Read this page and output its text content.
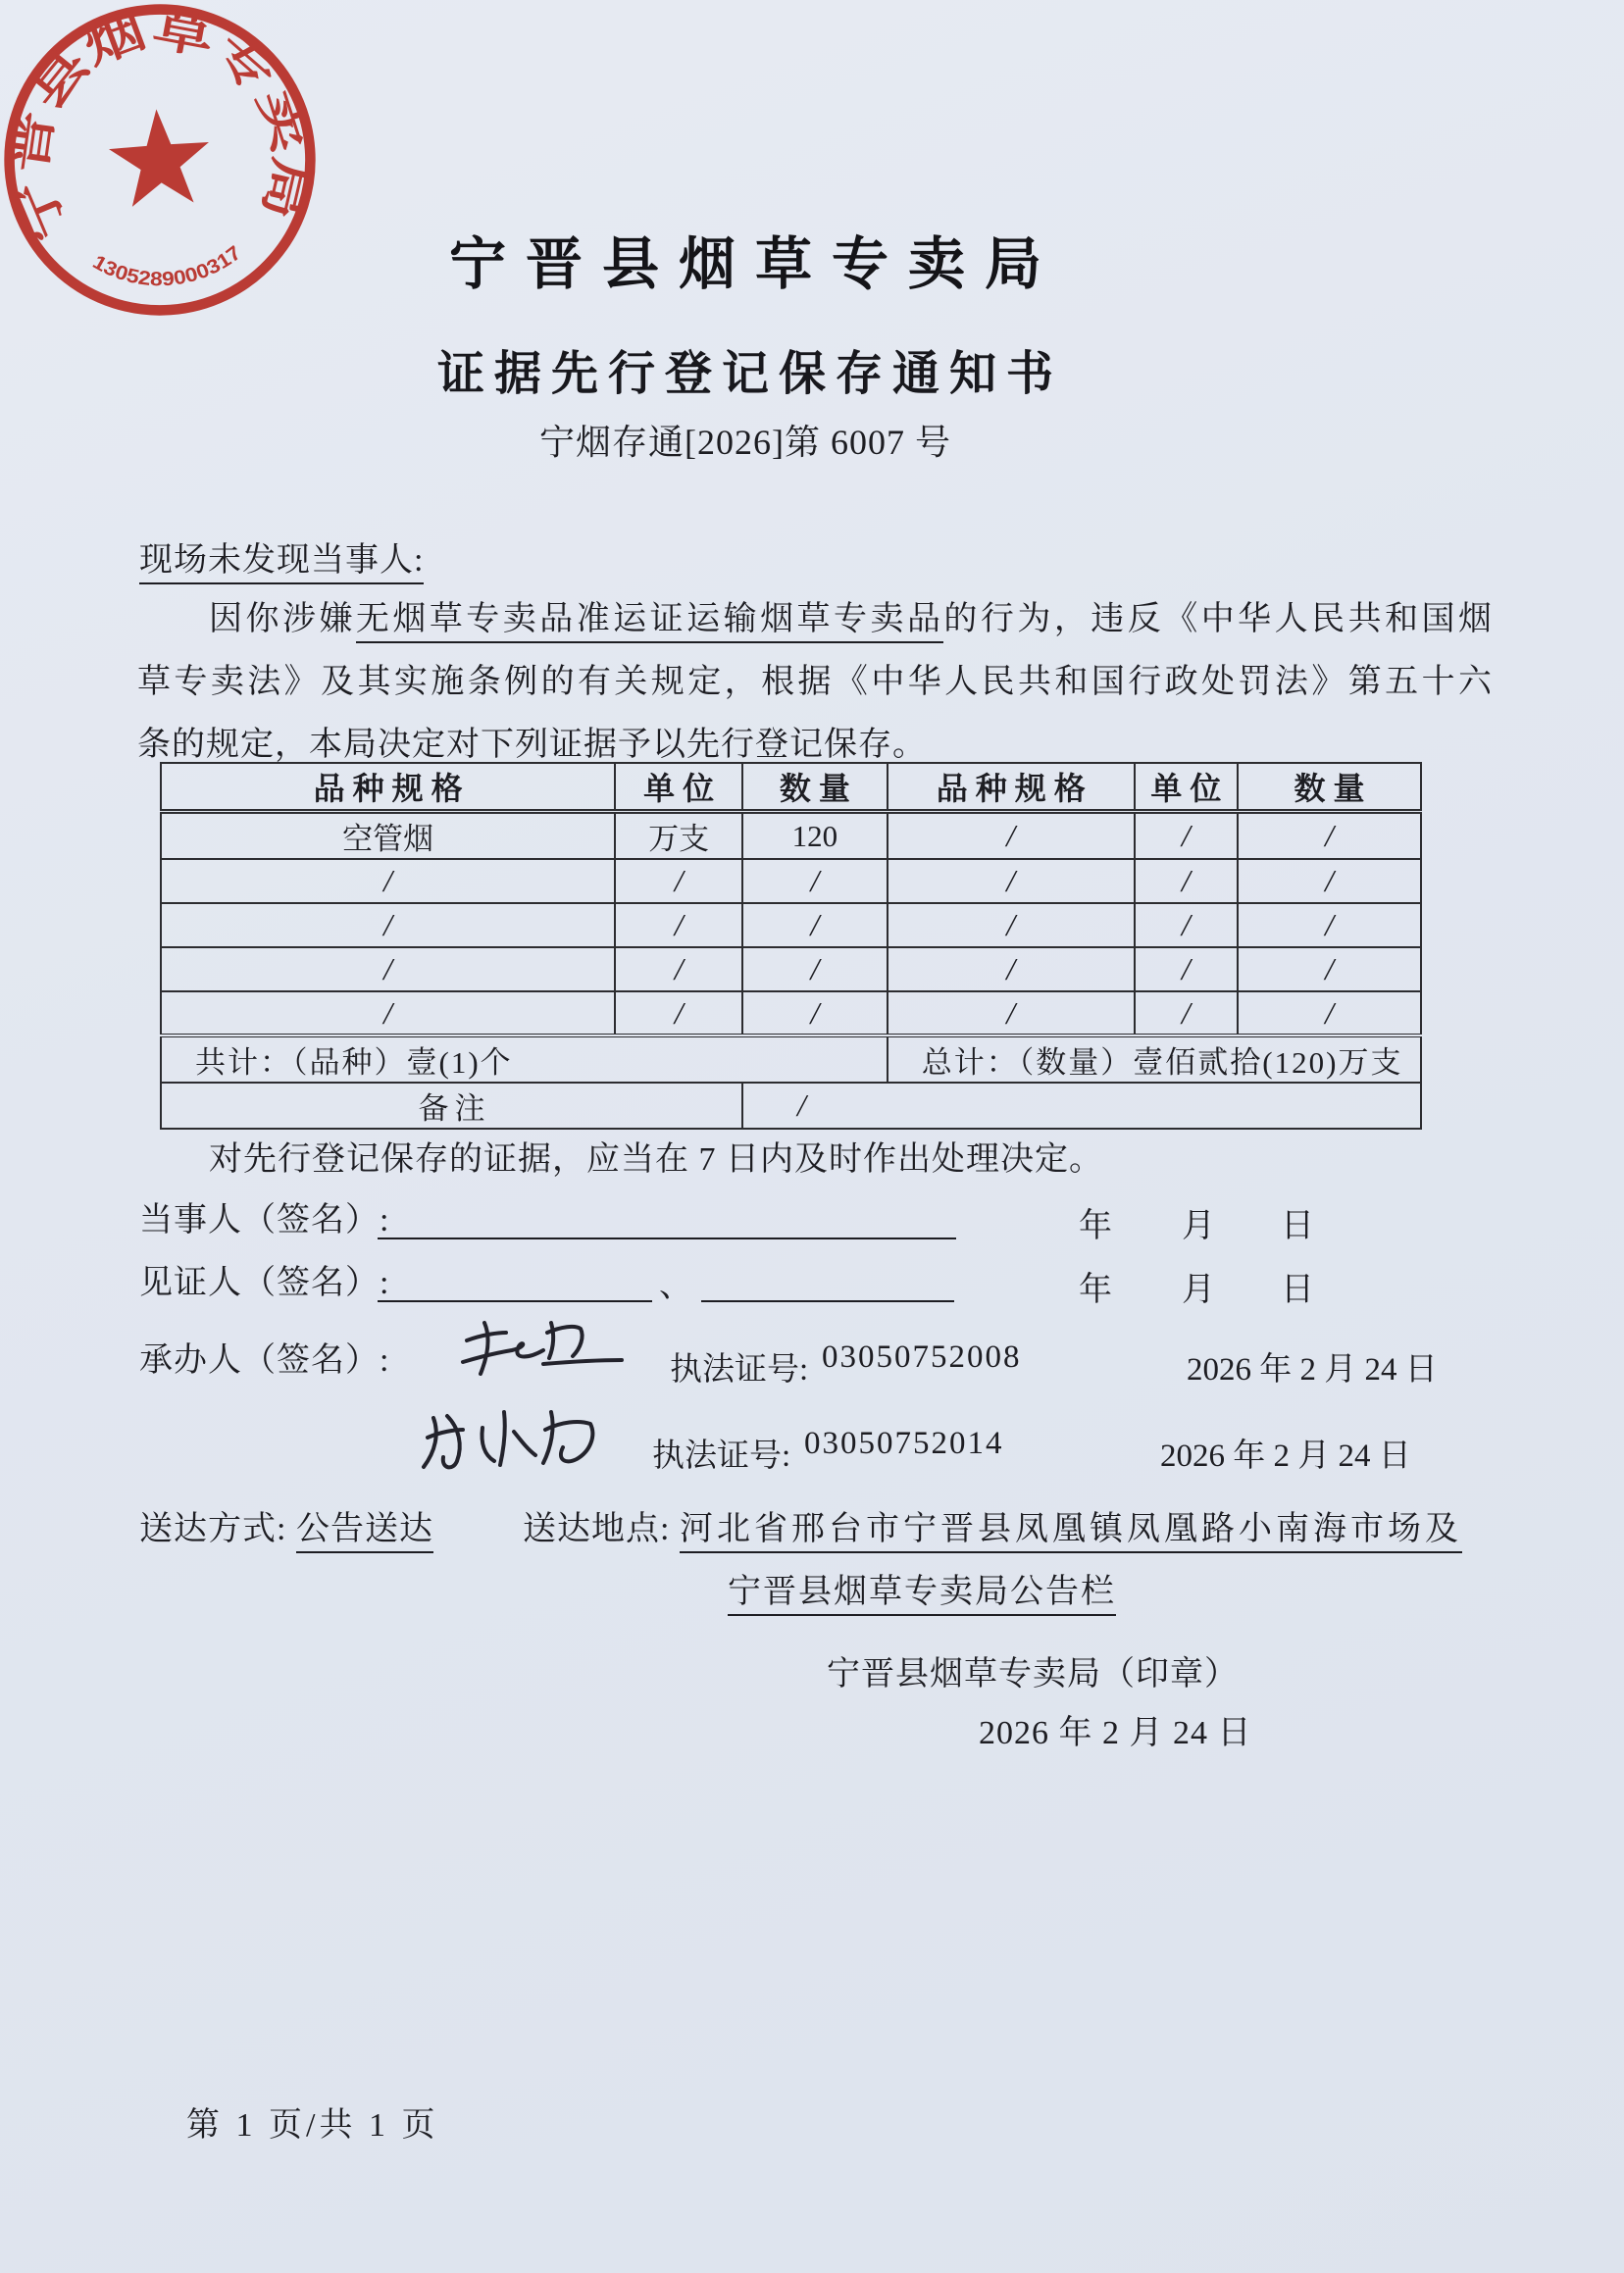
宁晋县烟草专卖局
证据先行登记保存通知书
宁烟存通[2026]第 6007 号
现场未发现当事人:
因你涉嫌无烟草专卖品准运证运输烟草专卖品的行为，违反《中华人民共和国烟
草专卖法》及其实施条例的有关规定，根据《中华人民共和国行政处罚法》第五十六
条的规定，本局决定对下列证据予以先行登记保存。
品种规格	单位	数量	品种规格	单位	数量
空管烟	万支	120	/	/	/
/	/	/	/	/	/
/	/	/	/	/	/
/	/	/	/	/	/
/	/	/	/	/	/
共计：（品种）壹(1)个			总计：（数量）壹佰贰拾(120)万支		
备注		/			
对先行登记保存的证据，应当在 7 日内及时作出处理决定。
当事人（签名）:	年 月 日
见证人（签名）:	、	年 月 日
承办人（签名）:	执法证号: 03050752008	2026 年 2 月 24 日
执法证号: 03050752014	2026 年 2 月 24 日
送达方式: 公告送达	送达地点: 河北省邢台市宁晋县凤凰镇凤凰路小南海市场及
宁晋县烟草专卖局公告栏
宁晋县烟草专卖局（印章）
2026 年 2 月 24 日
宁晋县烟草专卖局
1305289000317
第 1 页/共 1 页
